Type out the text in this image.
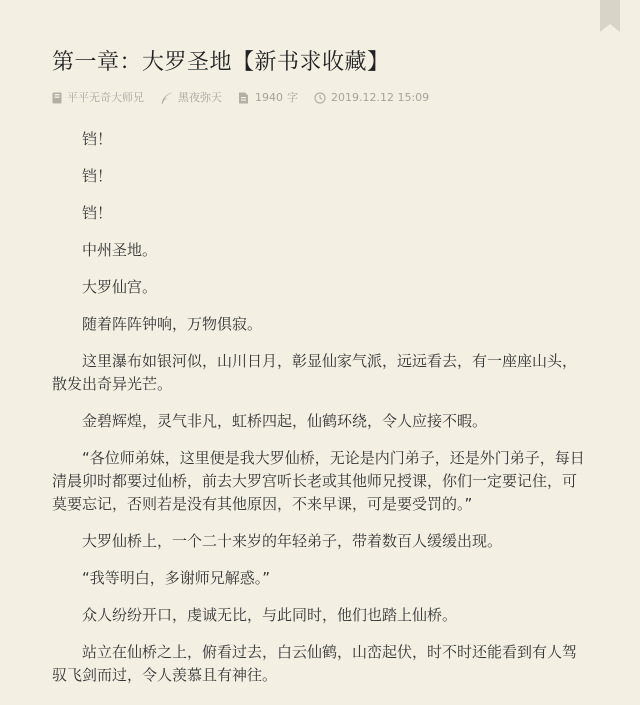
第一章：大罗圣地【新书求收藏】
平平无奇大师兄	黑夜弥天	1940 字	2019.12.12 15:09

铛！

铛！

铛！

中州圣地。

大罗仙宫。

随着阵阵钟响，万物俱寂。

这里瀑布如银河似，山川日月，彰显仙家气派，远远看去，有一座座山头，散发出奇异光芒。

金碧辉煌，灵气非凡，虹桥四起，仙鹤环绕，令人应接不暇。

“各位师弟妹，这里便是我大罗仙桥，无论是内门弟子，还是外门弟子，每日清晨卯时都要过仙桥，前去大罗宫听长老或其他师兄授课，你们一定要记住，可莫要忘记，否则若是没有其他原因，不来早课，可是要受罚的。”

大罗仙桥上，一个二十来岁的年轻弟子，带着数百人缓缓出现。

“我等明白，多谢师兄解惑。”

众人纷纷开口，虔诚无比，与此同时，他们也踏上仙桥。

站立在仙桥之上，俯看过去，白云仙鹤，山峦起伏，时不时还能看到有人驾驭飞剑而过，令人羡慕且有神往。
